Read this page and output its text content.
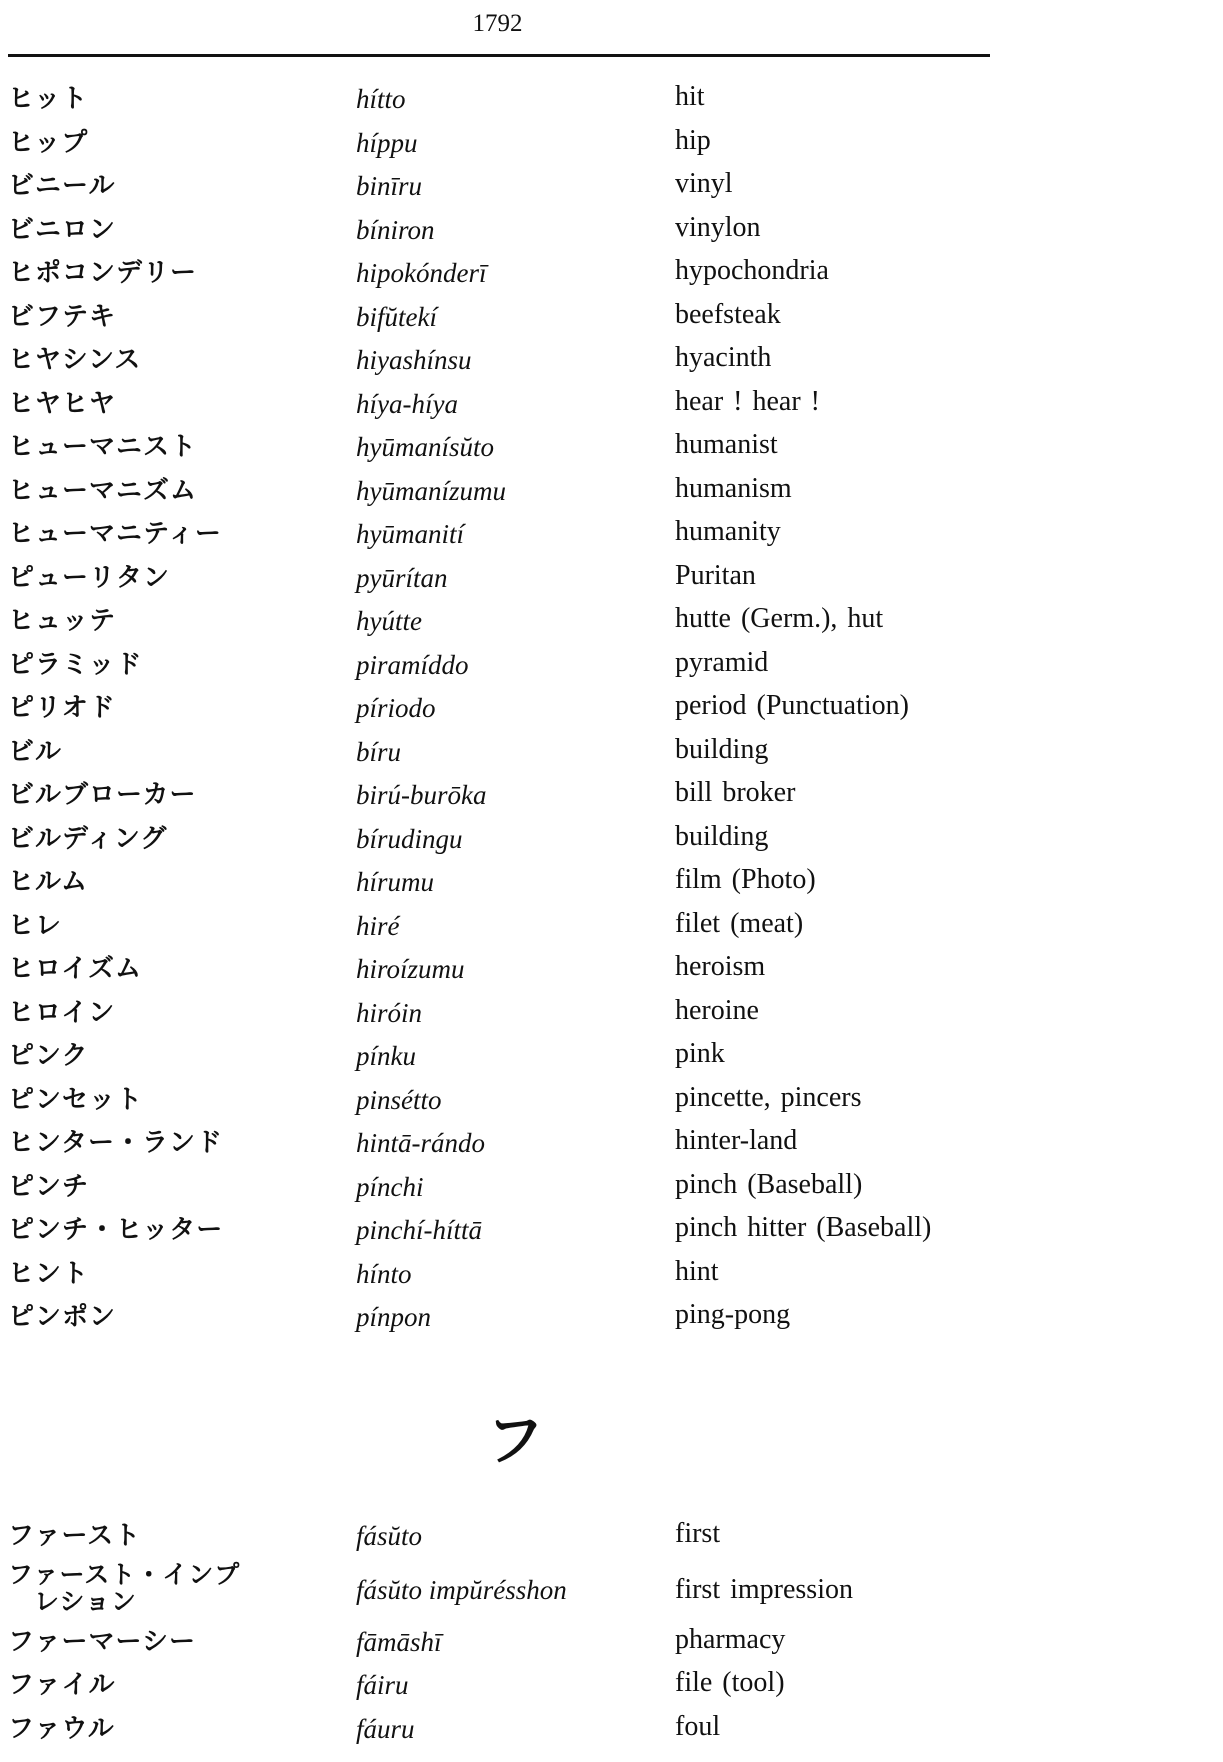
1792
ヒット	hítto	hit
ヒップ	híppu	hip
ビニール	binīru	vinyl
ビニロン	bíniron	vinylon
ヒポコンデリー	hipokónderī	hypochondria
ビフテキ	bifŭtekí	beefsteak
ヒヤシンス	hiyashínsu	hyacinth
ヒヤヒヤ	híya-híya	hear ! hear !
ヒューマニスト	hyūmanísŭto	humanist
ヒューマニズム	hyūmanízumu	humanism
ヒューマニティー	hyūmanití	humanity
ピューリタン	pyūrítan	Puritan
ヒュッテ	hyútte	hutte (Germ.), hut
ピラミッド	piramíddo	pyramid
ピリオド	píriodo	period (Punctuation)
ビル	bíru	building
ビルブローカー	birú-burōka	bill broker
ビルディング	bírudingu	building
ヒルム	hírumu	film (Photo)
ヒレ	hiré	filet (meat)
ヒロイズム	hiroízumu	heroism
ヒロイン	hiróin	heroine
ピンク	pínku	pink
ピンセット	pinsétto	pincette, pincers
ヒンター・ランド	hintā-rándo	hinter-land
ピンチ	pínchi	pinch (Baseball)
ピンチ・ヒッター	pinchí-híttā	pinch hitter (Baseball)
ヒント	hínto	hint
ピンポン	pínpon	ping-pong
フ
ファースト	fásŭto	first
ファースト・インプ
　レション	fásŭto impŭrésshon	first impression
ファーマーシー	fāmāshī	pharmacy
ファイル	fáiru	file (tool)
ファウル	fáuru	foul
